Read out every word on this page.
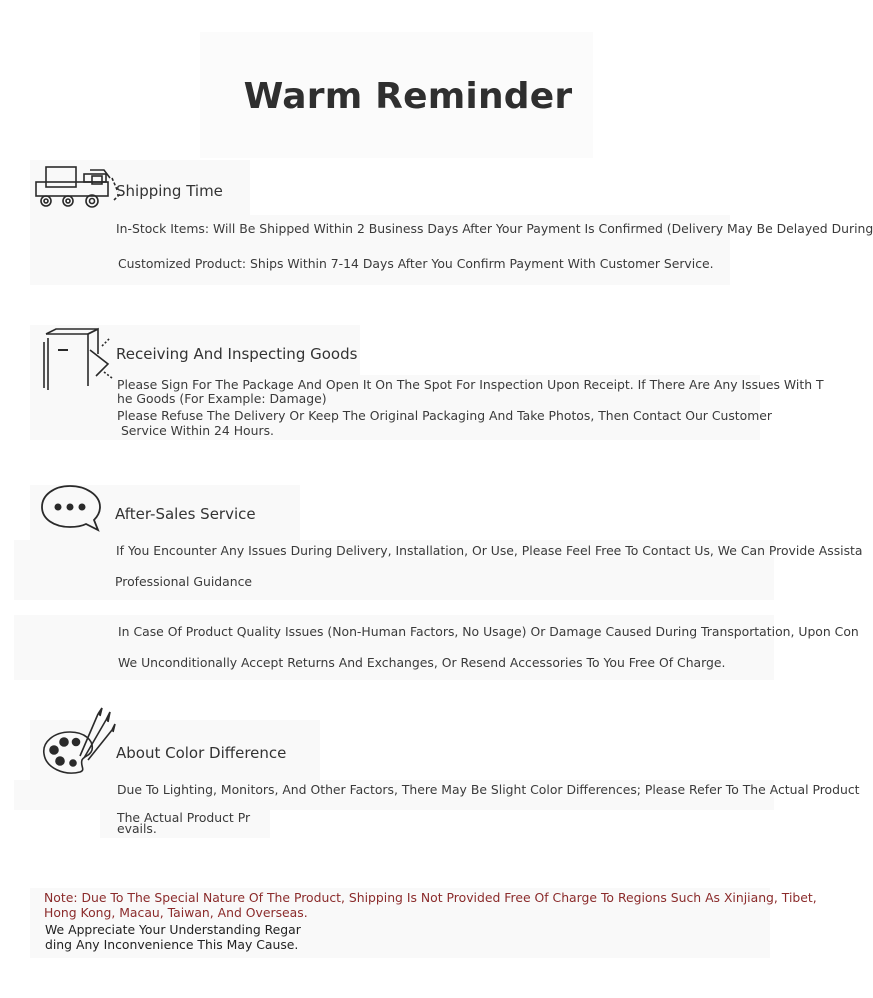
Warm Reminder
Shipping Time
In-Stock Items: Will Be Shipped Within 2 Business Days After Your Payment Is Confirmed (Delivery May Be Delayed During
Customized Product: Ships Within 7-14 Days After You Confirm Payment With Customer Service.
Receiving And Inspecting Goods
Please Sign For The Package And Open It On The Spot For Inspection Upon Receipt. If There Are Any Issues With T
he Goods (For Example: Damage)
Please Refuse The Delivery Or Keep The Original Packaging And Take Photos, Then Contact Our Customer
Service Within 24 Hours.
After-Sales Service
If You Encounter Any Issues During Delivery, Installation, Or Use, Please Feel Free To Contact Us, We Can Provide Assista
Professional Guidance
In Case Of Product Quality Issues (Non-Human Factors, No Usage) Or Damage Caused During Transportation, Upon Con
We Unconditionally Accept Returns And Exchanges, Or Resend Accessories To You Free Of Charge.
About Color Difference
Due To Lighting, Monitors, And Other Factors, There May Be Slight Color Differences; Please Refer To The Actual Product
The Actual Product Pr
evails.
Note: Due To The Special Nature Of The Product, Shipping Is Not Provided Free Of Charge To Regions Such As Xinjiang, Tibet,
Hong Kong, Macau, Taiwan, And Overseas.
We Appreciate Your Understanding Regar
ding Any Inconvenience This May Cause.
